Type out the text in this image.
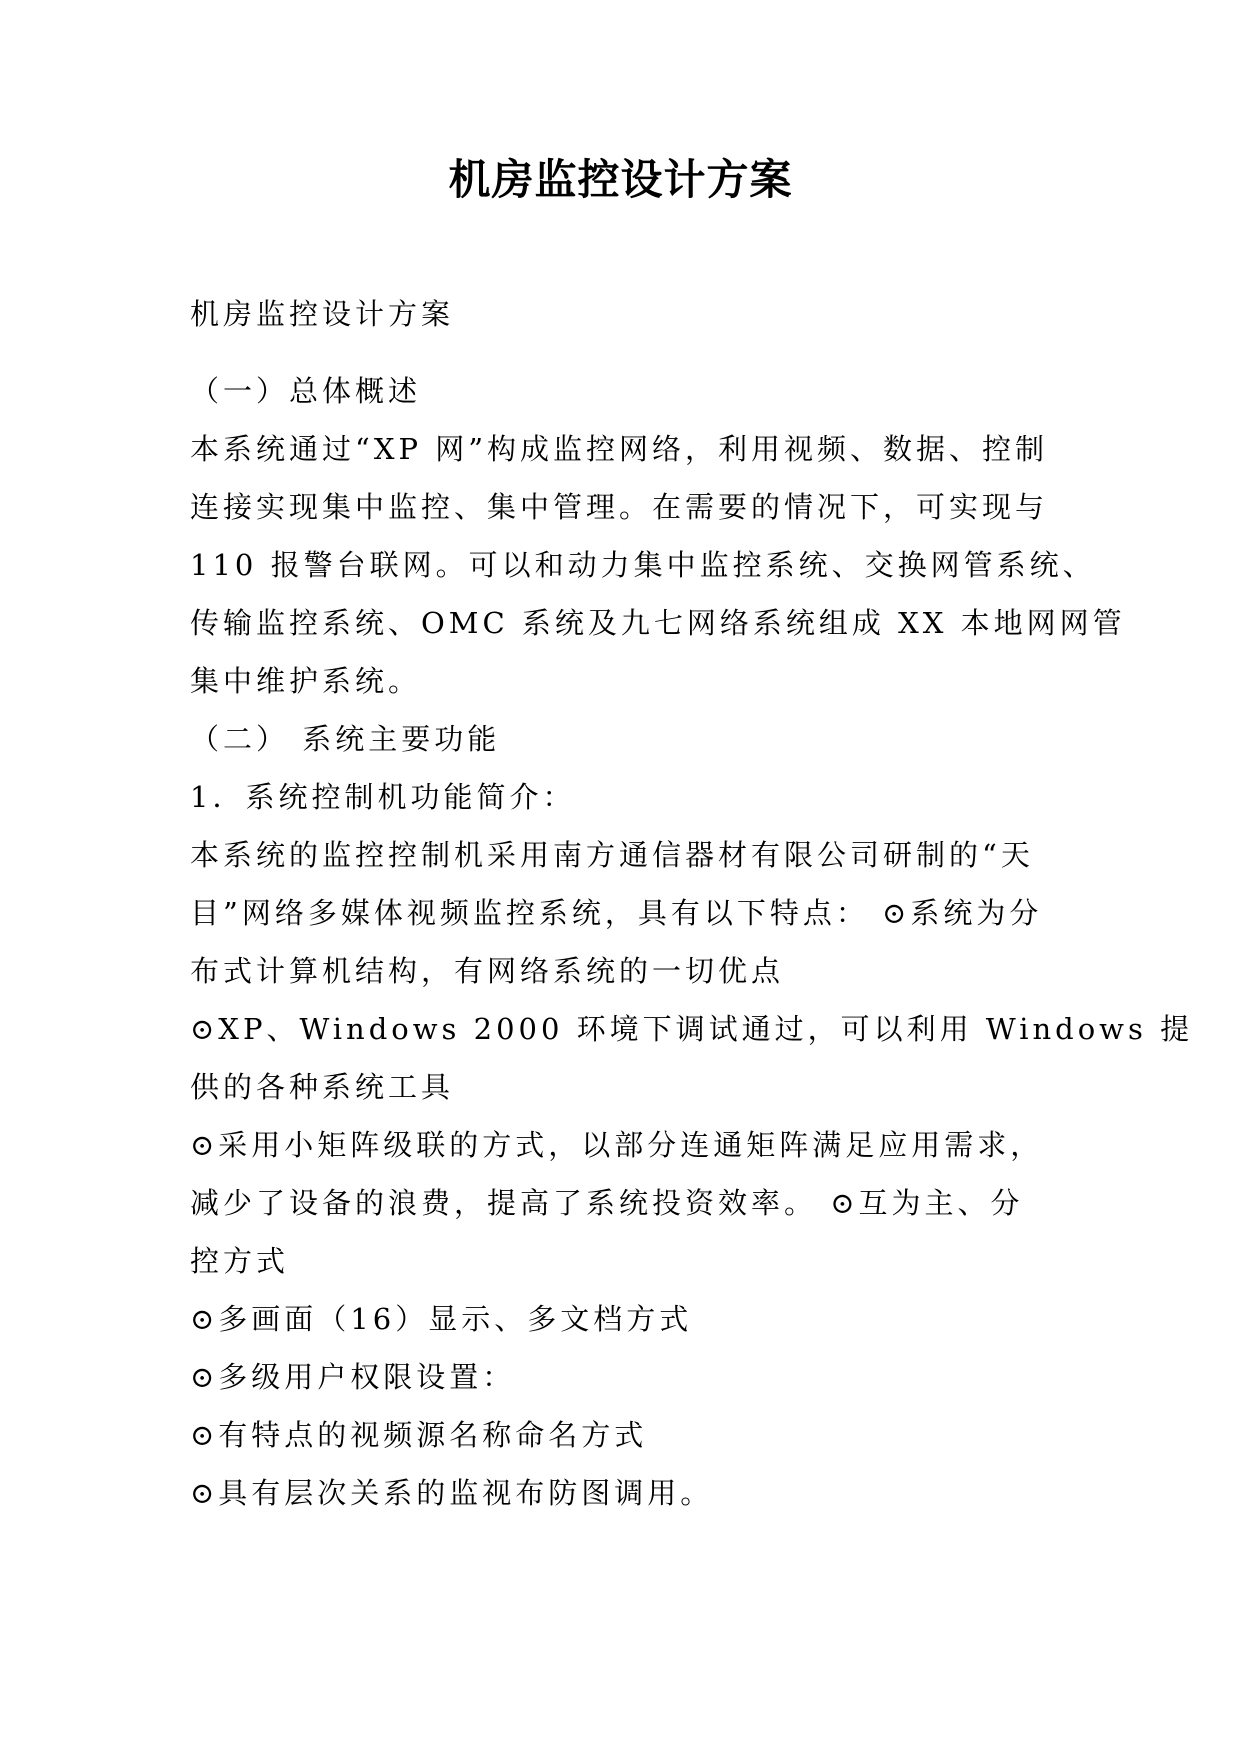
机房监控设计方案
机房监控设计方案
（一）总体概述
本系统通过“XP 网”构成监控网络，利用视频、数据、控制
连接实现集中监控、集中管理。在需要的情况下，可实现与
110 报警台联网。可以和动力集中监控系统、交换网管系统、
传输监控系统、OMC 系统及九七网络系统组成 XX 本地网网管
集中维护系统。
（二） 系统主要功能
1．系统控制机功能简介：
本系统的监控控制机采用南方通信器材有限公司研制的“天
目”网络多媒体视频监控系统，具有以下特点： ⊙系统为分
布式计算机结构，有网络系统的一切优点
⊙XP、Windows 2000 环境下调试通过，可以利用 Windows 提
供的各种系统工具
⊙采用小矩阵级联的方式，以部分连通矩阵满足应用需求，
减少了设备的浪费，提高了系统投资效率。 ⊙互为主、分
控方式
⊙多画面（16）显示、多文档方式
⊙多级用户权限设置：
⊙有特点的视频源名称命名方式
⊙具有层次关系的监视布防图调用。
